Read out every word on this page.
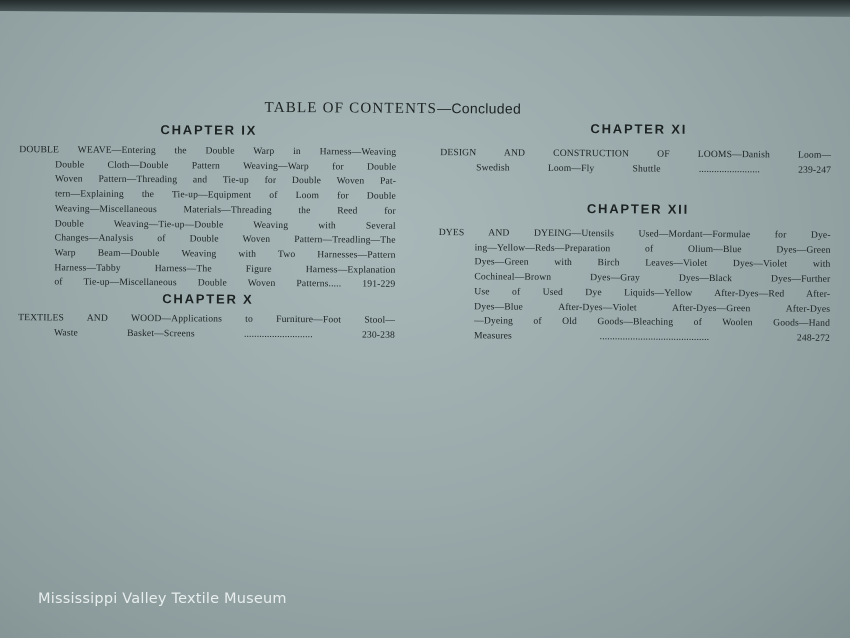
TABLE OF CONTENTS—Concluded
CHAPTER IX
DOUBLE WEAVE—Entering the Double Warp in Harness—Weaving
Double Cloth—Double Pattern Weaving—Warp for Double
Woven Pattern—Threading and Tie-up for Double Woven Pat-
tern—Explaining the Tie-up—Equipment of Loom for Double
Weaving—Miscellaneous Materials—Threading the Reed for
Double Weaving—Tie-up—Double Weaving with Several
Changes—Analysis of Double Woven Pattern—Treadling—The
Warp Beam—Double Weaving with Two Harnesses—Pattern
Harness—Tabby Harness—The Figure Harness—Explanation
of Tie-up—Miscellaneous Double Woven Patterns..... 191-229
CHAPTER X
TEXTILES AND WOOD—Applications to Furniture—Foot Stool—
Waste Basket—Screens ........................... 230-238
CHAPTER XI
DESIGN AND CONSTRUCTION OF LOOMS—Danish Loom—
Swedish Loom—Fly Shuttle ........................ 239-247
CHAPTER XII
DYES AND DYEING—Utensils Used—Mordant—Formulae for Dye-
ing—Yellow—Reds—Preparation of Olium—Blue Dyes—Green
Dyes—Green with Birch Leaves—Violet Dyes—Violet with
Cochineal—Brown Dyes—Gray Dyes—Black Dyes—Further
Use of Used Dye Liquids—Yellow After-Dyes—Red After-
Dyes—Blue After-Dyes—Violet After-Dyes—Green After-Dyes
—Dyeing of Old Goods—Bleaching of Woolen Goods—Hand
Measures ........................................... 248-272
Mississippi Valley Textile Museum
